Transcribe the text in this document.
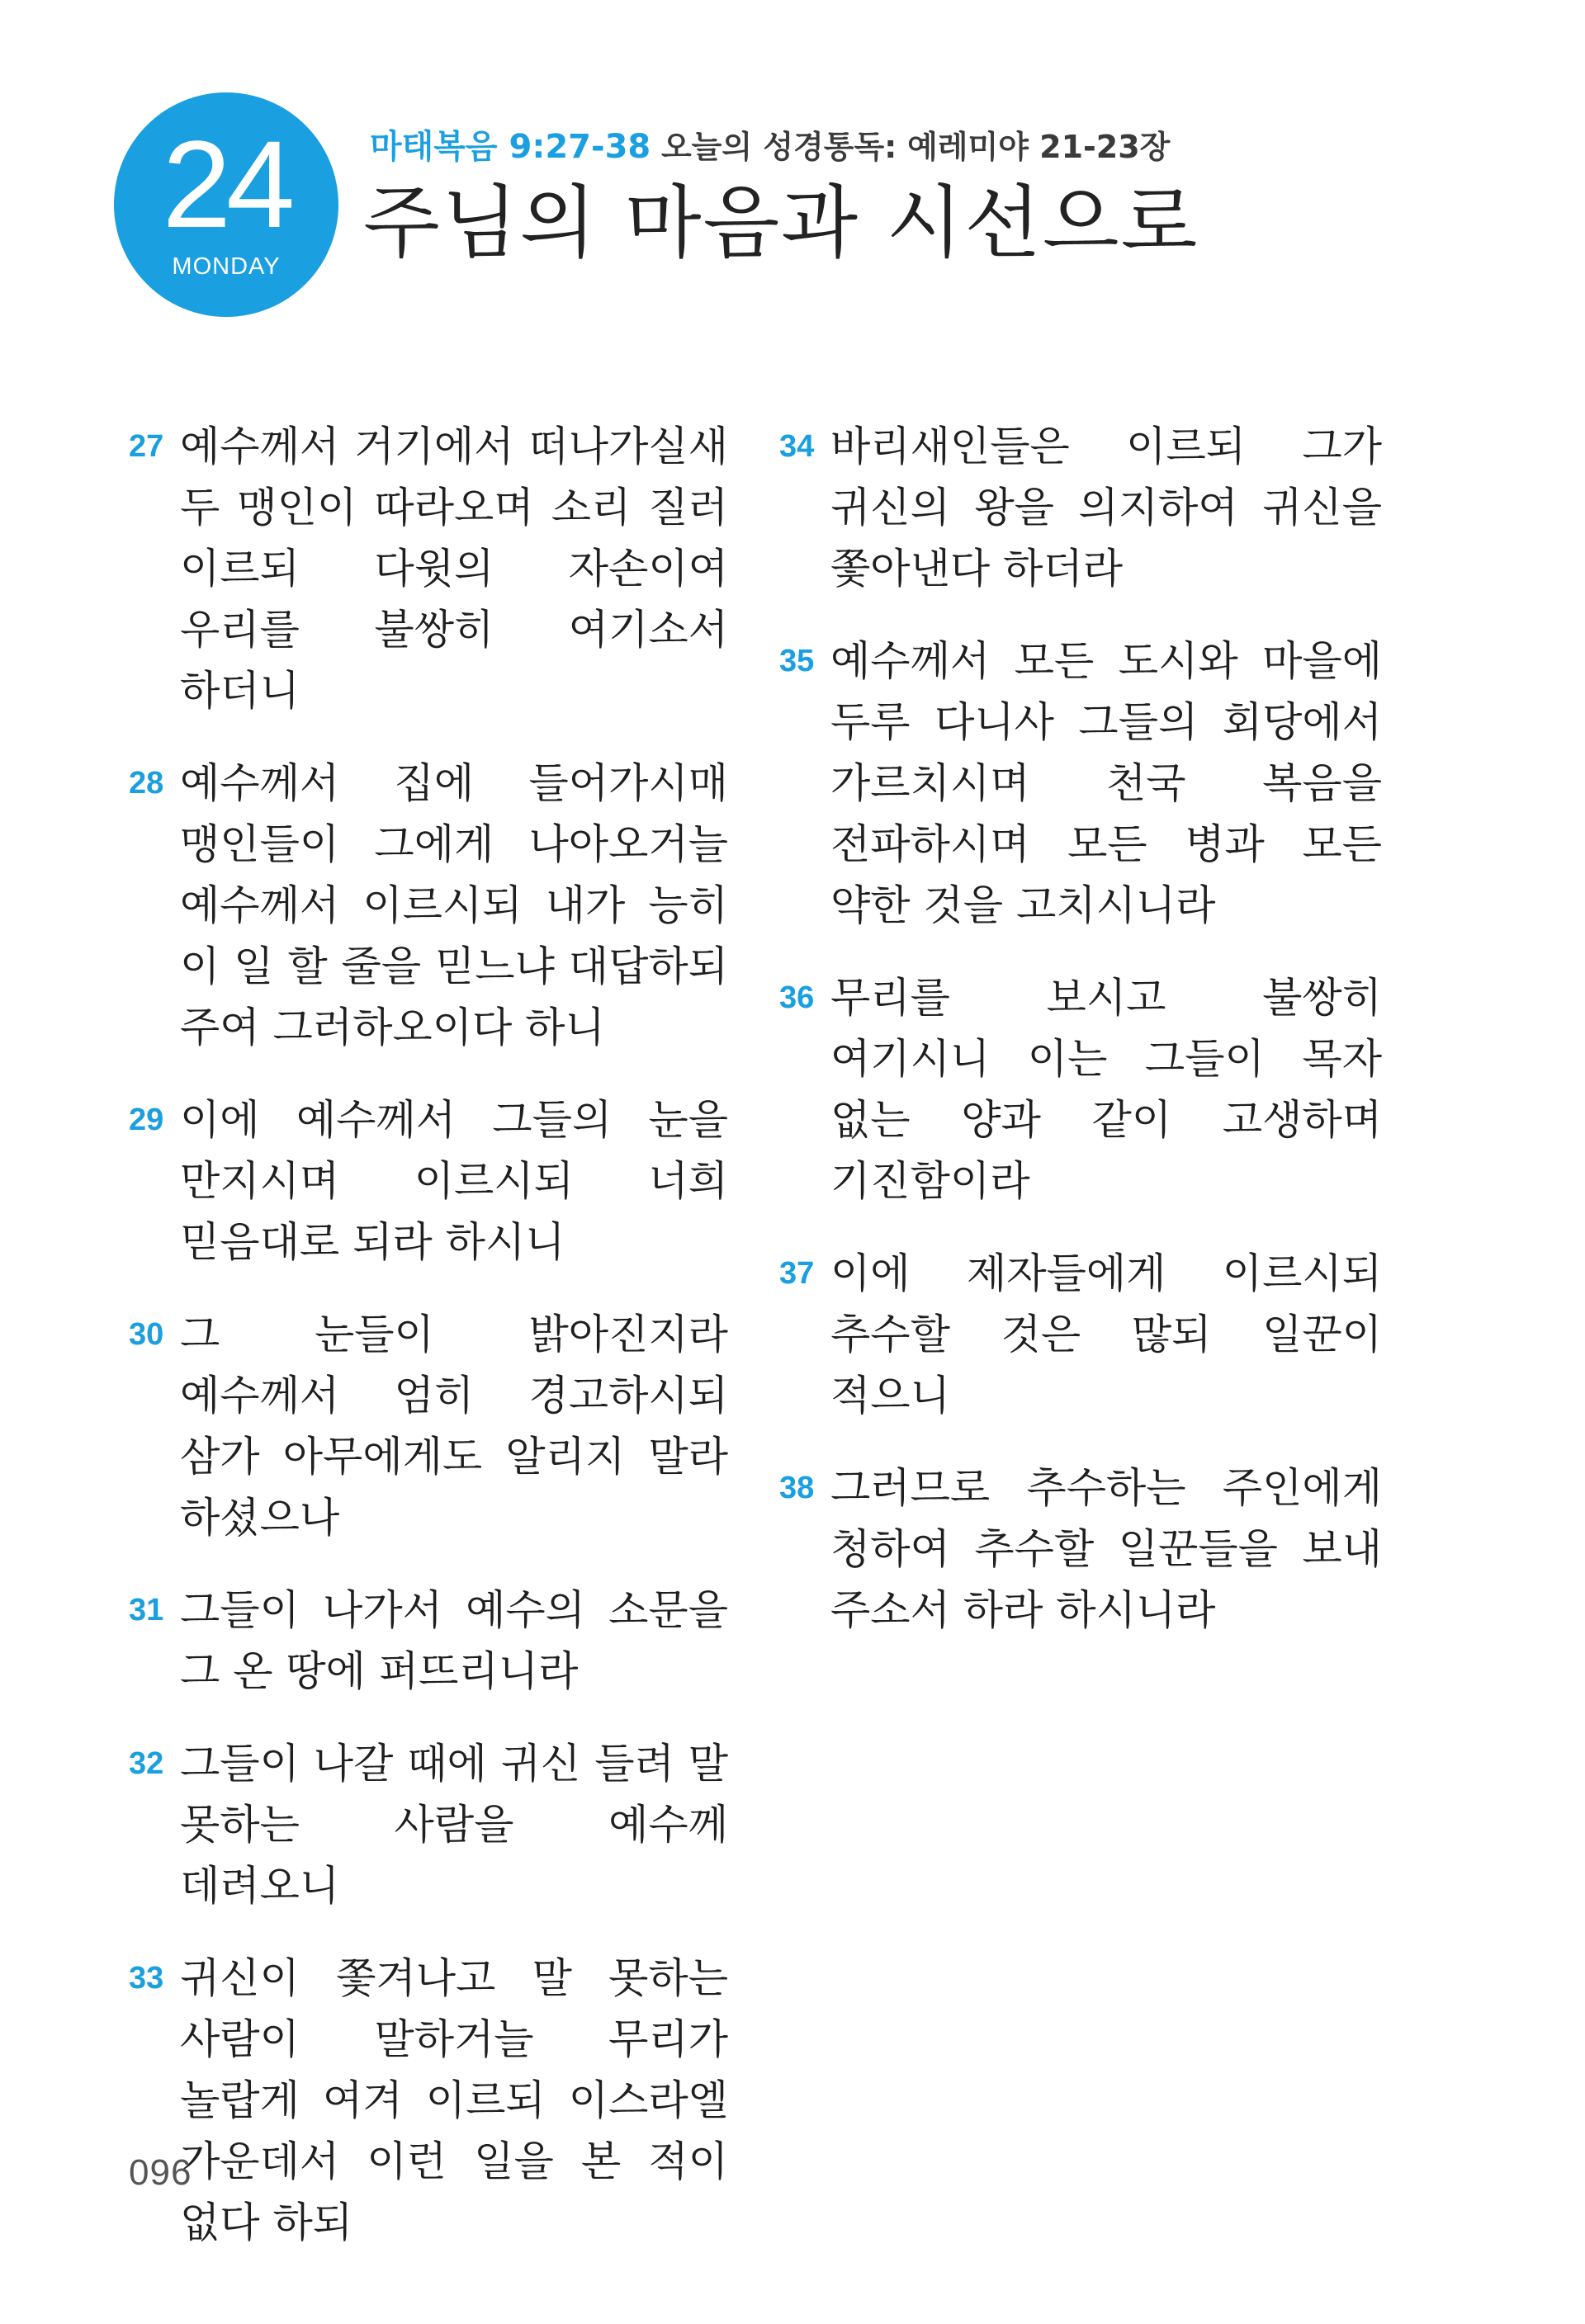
24
MONDAY
마태복음 9:27-38 오늘의 성경통독: 예레미야 21-23장
주님의 마음과 시선으로
27 예수께서 거기에서 떠나가실새 두 맹인이 따라오며 소리 질러 이르되 다윗의 자손이여 우리를 불쌍히 여기소서 하더니
28 예수께서 집에 들어가시매 맹인들이 그에게 나아오거늘 예수께서 이르시되 내가 능히 이 일 할 줄을 믿느냐 대답하되 주여 그러하오이다 하니
29 이에 예수께서 그들의 눈을 만지시며 이르시되 너희 믿음대로 되라 하시니
30 그 눈들이 밝아진지라 예수께서 엄히 경고하시되 삼가 아무에게도 알리지 말라 하셨으나
31 그들이 나가서 예수의 소문을 그 온 땅에 퍼뜨리니라
32 그들이 나갈 때에 귀신 들려 말 못하는 사람을 예수께 데려오니
33 귀신이 쫓겨나고 말 못하는 사람이 말하거늘 무리가 놀랍게 여겨 이르되 이스라엘 가운데서 이런 일을 본 적이 없다 하되
34 바리새인들은 이르되 그가 귀신의 왕을 의지하여 귀신을 쫓아낸다 하더라
35 예수께서 모든 도시와 마을에 두루 다니사 그들의 회당에서 가르치시며 천국 복음을 전파하시며 모든 병과 모든 약한 것을 고치시니라
36 무리를 보시고 불쌍히 여기시니 이는 그들이 목자 없는 양과 같이 고생하며 기진함이라
37 이에 제자들에게 이르시되 추수할 것은 많되 일꾼이 적으니
38 그러므로 추수하는 주인에게 청하여 추수할 일꾼들을 보내 주소서 하라 하시니라
096
